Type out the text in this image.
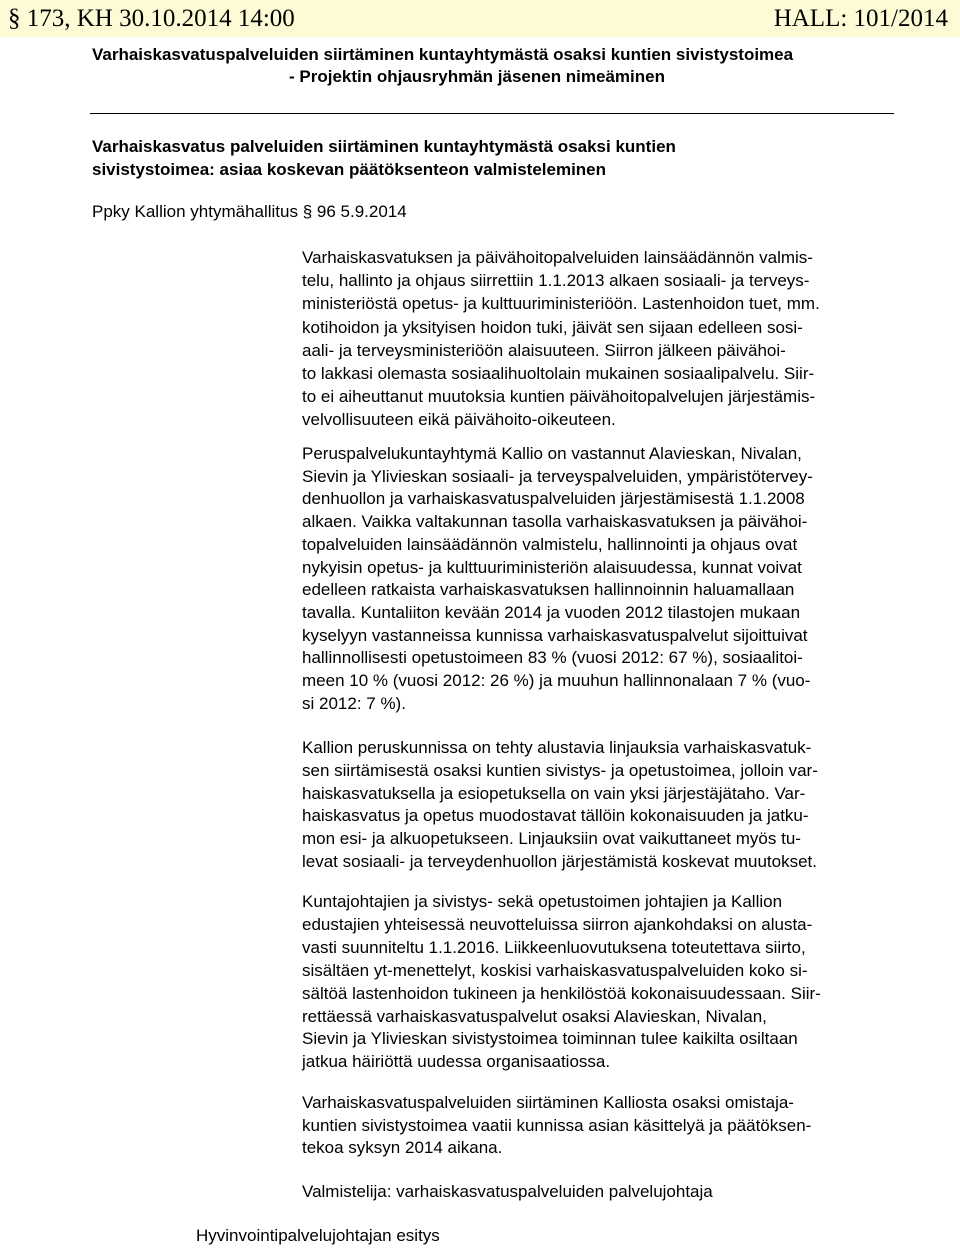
§ 173, KH 30.10.2014 14:00	HALL: 101/2014
Varhaiskasvatuspalveluiden siirtäminen kuntayhtymästä osaksi kuntien sivistystoimea
- Projektin ohjausryhmän jäsenen nimeäminen
Varhaiskasvatus palveluiden siirtäminen kuntayhtymästä osaksi kuntien
sivistystoimea: asiaa koskevan päätöksenteon valmisteleminen
Ppky Kallion yhtymähallitus § 96 5.9.2014
Varhaiskasvatuksen ja päivähoitopalveluiden lainsäädännön valmis-
telu, hallinto ja ohjaus siirrettiin 1.1.2013 alkaen sosiaali- ja terveys-
ministeriöstä opetus- ja kulttuuriministeriöön. Lastenhoidon tuet, mm.
kotihoidon ja yksityisen hoidon tuki, jäivät sen sijaan edelleen sosi-
aali- ja terveysministeriöön alaisuuteen. Siirron jälkeen päivähoi-
to lakkasi olemasta sosiaalihuoltolain mukainen sosiaalipalvelu. Siir-
to ei aiheuttanut muutoksia kuntien päivähoitopalvelujen järjestämis-
velvollisuuteen eikä päivähoito-oikeuteen.
Peruspalvelukuntayhtymä Kallio on vastannut Alavieskan, Nivalan,
Sievin ja Ylivieskan sosiaali- ja terveyspalveluiden, ympäristötervey-
denhuollon ja varhaiskasvatuspalveluiden järjestämisestä 1.1.2008
alkaen. Vaikka valtakunnan tasolla varhaiskasvatuksen ja päivähoi-
topalveluiden lainsäädännön valmistelu, hallinnointi ja ohjaus ovat
nykyisin opetus- ja kulttuuriministeriön alaisuudessa, kunnat voivat
edelleen ratkaista varhaiskasvatuksen hallinnoinnin haluamallaan
tavalla. Kuntaliiton kevään 2014 ja vuoden 2012 tilastojen mukaan
kyselyyn vastanneissa kunnissa varhaiskasvatuspalvelut sijoittuivat
hallinnollisesti opetustoimeen 83 % (vuosi 2012: 67 %), sosiaalitoi-
meen 10 % (vuosi 2012: 26 %) ja muuhun hallinnonalaan 7 % (vuo-
si 2012: 7 %).
Kallion peruskunnissa on tehty alustavia linjauksia varhaiskasvatuk-
sen siirtämisestä osaksi kuntien sivistys- ja opetustoimea, jolloin var-
haiskasvatuksella ja esiopetuksella on vain yksi järjestäjätaho. Var-
haiskasvatus ja opetus muodostavat tällöin kokonaisuuden ja jatku-
mon esi- ja alkuopetukseen. Linjauksiin ovat vaikuttaneet myös tu-
levat sosiaali- ja terveydenhuollon järjestämistä koskevat muutokset.
Kuntajohtajien ja sivistys- sekä opetustoimen johtajien ja Kallion
edustajien yhteisessä neuvotteluissa siirron ajankohdaksi on alusta-
vasti suunniteltu 1.1.2016. Liikkeenluovutuksena toteutettava siirto,
sisältäen yt-menettelyt, koskisi varhaiskasvatuspalveluiden koko si-
sältöä lastenhoidon tukineen ja henkilöstöä kokonaisuudessaan. Siir-
rettäessä varhaiskasvatuspalvelut osaksi Alavieskan, Nivalan,
Sievin ja Ylivieskan sivistystoimea toiminnan tulee kaikilta osiltaan
jatkua häiriöttä uudessa organisaatiossa.
Varhaiskasvatuspalveluiden siirtäminen Kalliosta osaksi omistaja-
kuntien sivistystoimea vaatii kunnissa asian käsittelyä ja päätöksen-
tekoa syksyn 2014 aikana.
Valmistelija: varhaiskasvatuspalveluiden palvelujohtaja
Hyvinvointipalvelujohtajan esitys
